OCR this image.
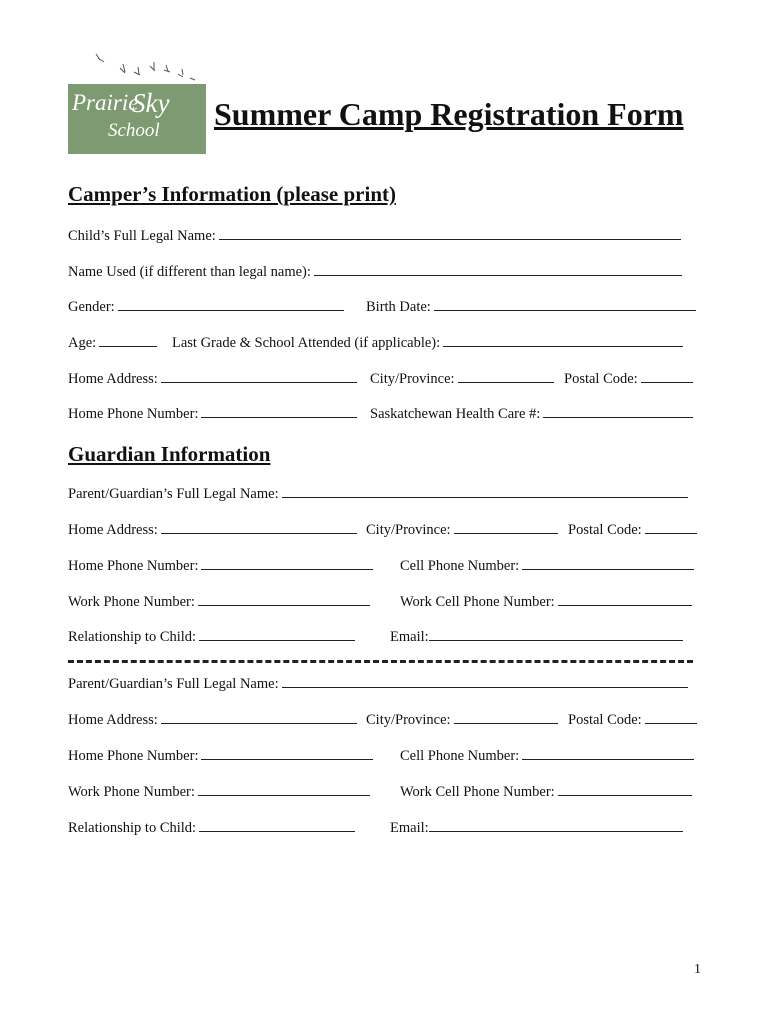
Prairie
Sky
School Summer Camp Registration Form
Camper’s Information (please print)
Child’s Full Legal Name:
Name Used (if different than legal name):
Gender:	Birth Date:
Age:	Last Grade & School Attended (if applicable):
Home Address:	City/Province:	Postal Code:
Home Phone Number:	Saskatchewan Health Care #:
Guardian Information
Parent/Guardian’s Full Legal Name:
Home Address:	City/Province:	Postal Code:
Home Phone Number:	Cell Phone Number:
Work Phone Number:	Work Cell Phone Number:
Relationship to Child:	Email:
Parent/Guardian’s Full Legal Name:
Home Address:	City/Province:	Postal Code:
Home Phone Number:	Cell Phone Number:
Work Phone Number:	Work Cell Phone Number:
Relationship to Child:	Email:
1
